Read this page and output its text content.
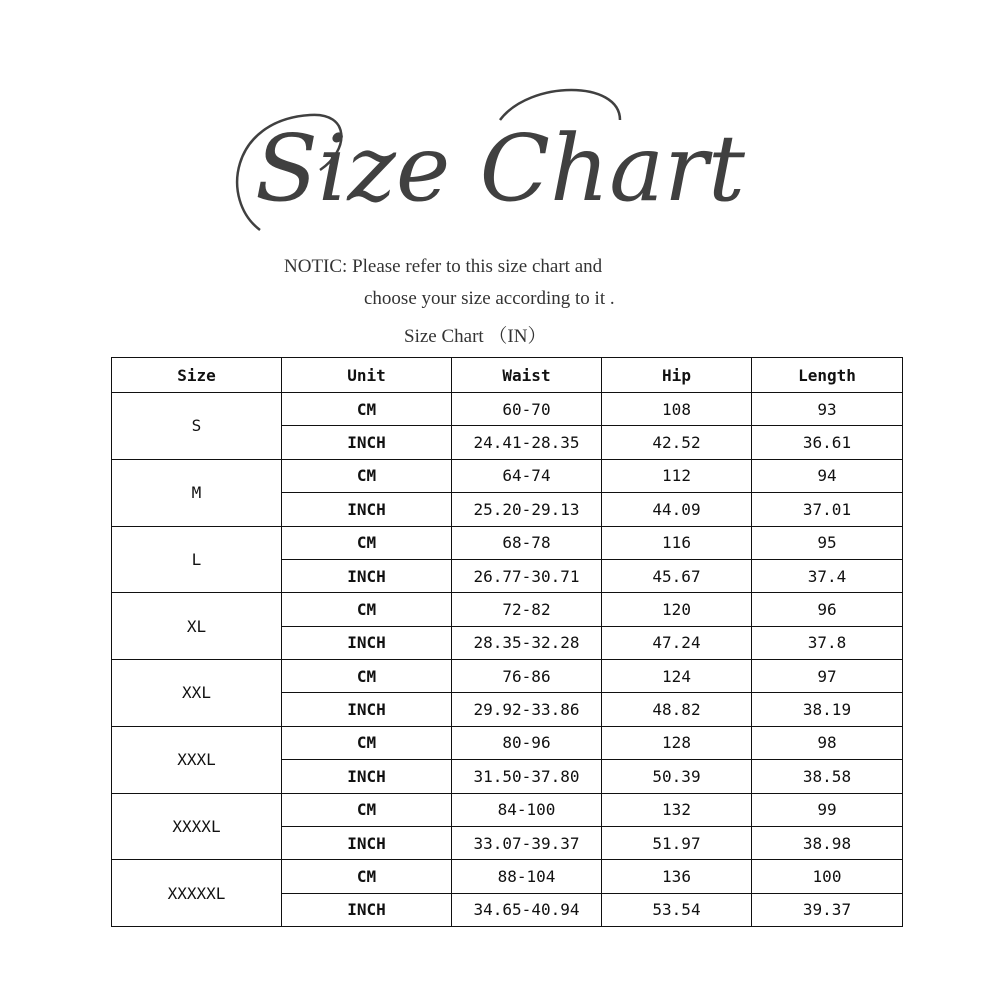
Size Chart
NOTIC: Please refer to this size chart and
choose your size according to it .
Size Chart （IN）
Size	Unit	Waist	Hip	Length
S	CM	60-70	108	93
	INCH	24.41-28.35	42.52	36.61
M	CM	64-74	112	94
	INCH	25.20-29.13	44.09	37.01
L	CM	68-78	116	95
	INCH	26.77-30.71	45.67	37.4
XL	CM	72-82	120	96
	INCH	28.35-32.28	47.24	37.8
XXL	CM	76-86	124	97
	INCH	29.92-33.86	48.82	38.19
XXXL	CM	80-96	128	98
	INCH	31.50-37.80	50.39	38.58
XXXXL	CM	84-100	132	99
	INCH	33.07-39.37	51.97	38.98
XXXXXL	CM	88-104	136	100
	INCH	34.65-40.94	53.54	39.37
